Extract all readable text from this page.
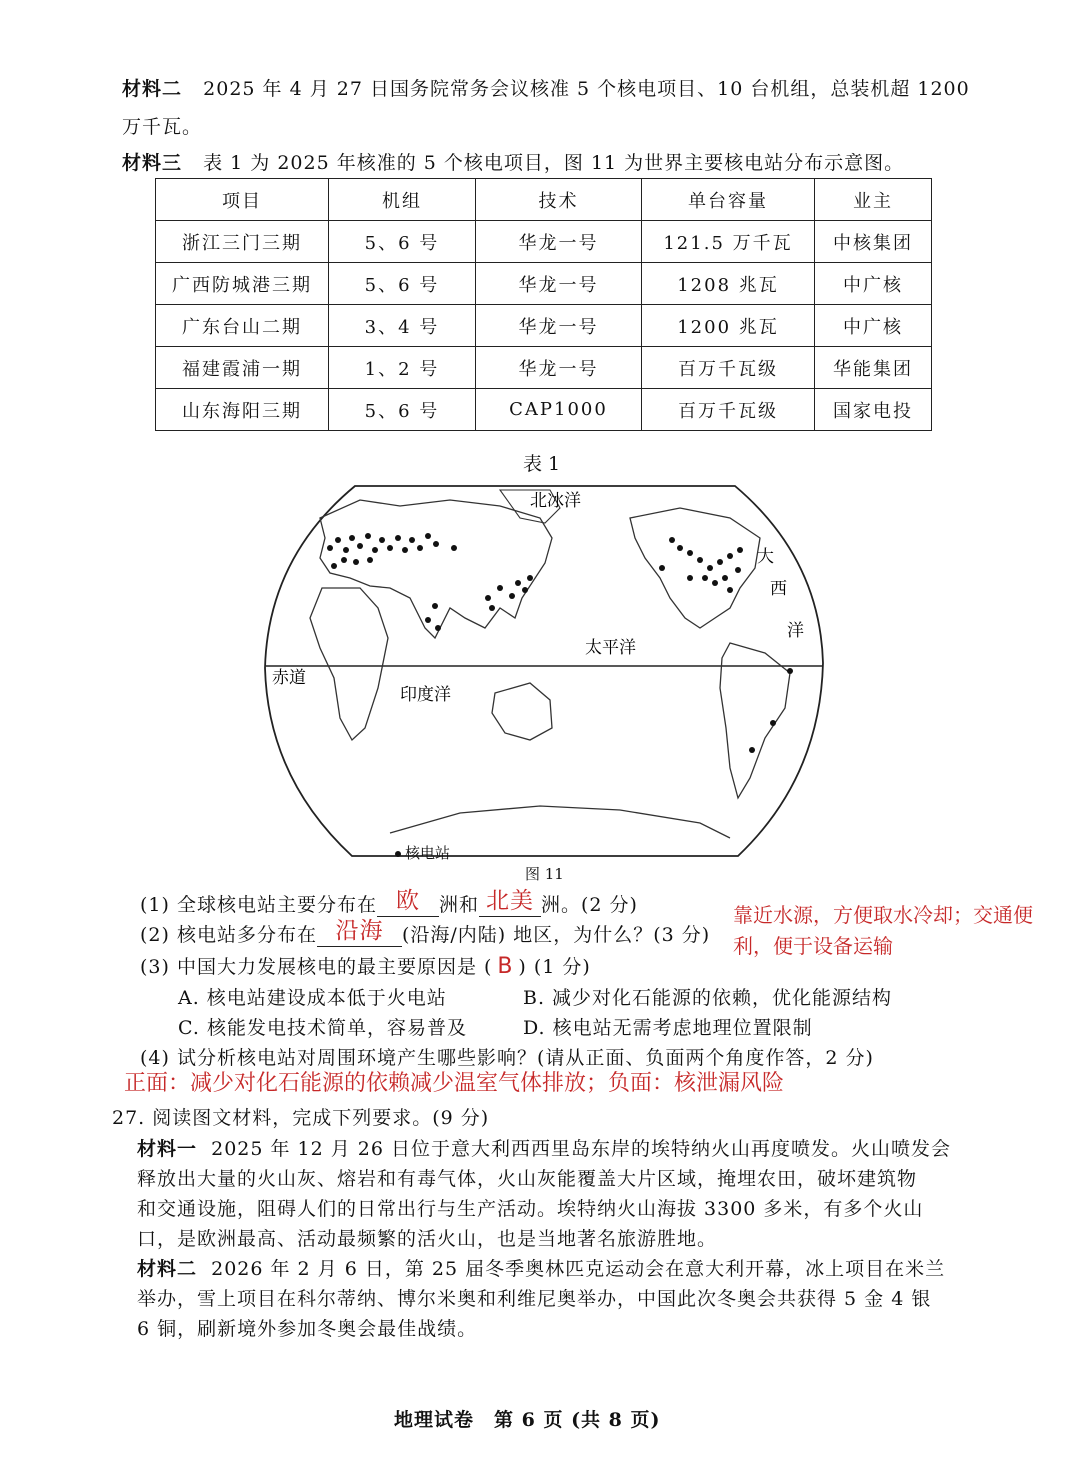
材料二 2025 年 4 月 27 日国务院常务会议核准 5 个核电项目、10 台机组，总装机超 1200
万千瓦。
材料三 表 1 为 2025 年核准的 5 个核电项目，图 11 为世界主要核电站分布示意图。
项目	机组	技术	单台容量	业主
浙江三门三期	5、6 号	华龙一号	121.5 万千瓦	中核集团
广西防城港三期	5、6 号	华龙一号	1208 兆瓦	中广核
广东台山二期	3、4 号	华龙一号	1200 兆瓦	中广核
福建霞浦一期	1、2 号	华龙一号	百万千瓦级	华能集团
山东海阳三期	5、6 号	CAP1000	百万千瓦级	国家电投
表 1
北冰洋
大
西
洋
太平洋
印度洋
赤道
核电站
图 11
(1) 全球核电站主要分布在 欧	洲和 北美 洲。(2 分)	靠近水源，方便取水冷却；交通便
利，便于设备运输
(2) 核电站多分布在 沿海 (沿海/内陆) 地区，为什么？(3 分)
(3) 中国大力发展核电的最主要原因是 ( B ) (1 分)
A. 核电站建设成本低于火电站	B. 减少对化石能源的依赖，优化能源结构
C. 核能发电技术简单，容易普及	D. 核电站无需考虑地理位置限制
(4) 试分析核电站对周围环境产生哪些影响？(请从正面、负面两个角度作答，2 分)
正面：减少对化石能源的依赖减少温室气体排放；负面：核泄漏风险
27. 阅读图文材料，完成下列要求。(9 分)
材料一 2025 年 12 月 26 日位于意大利西西里岛东岸的埃特纳火山再度喷发。火山喷发会
释放出大量的火山灰、熔岩和有毒气体，火山灰能覆盖大片区域，掩埋农田，破坏建筑物
和交通设施，阻碍人们的日常出行与生产活动。埃特纳火山海拔 3300 多米，有多个火山
口，是欧洲最高、活动最频繁的活火山，也是当地著名旅游胜地。
材料二 2026 年 2 月 6 日，第 25 届冬季奥林匹克运动会在意大利开幕，冰上项目在米兰
举办，雪上项目在科尔蒂纳、博尔米奥和利维尼奥举办，中国此次冬奥会共获得 5 金 4 银
6 铜，刷新境外参加冬奥会最佳战绩。
地理试卷　第 6 页 (共 8 页)
